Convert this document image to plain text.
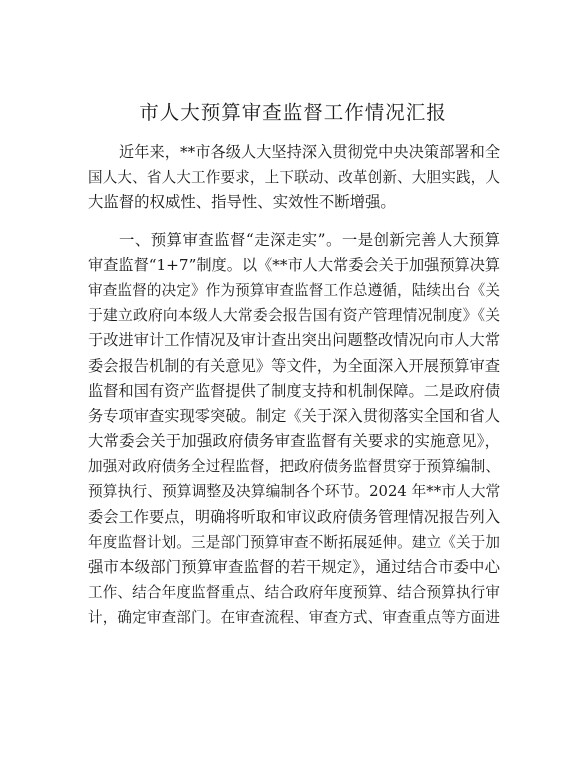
市人大预算审查监督工作情况汇报
近年来，**市各级人大坚持深入贯彻党中央决策部署和全
国人大、省人大工作要求，上下联动、改革创新、大胆实践，人
大监督的权威性、指导性、实效性不断增强。
一、预算审查监督“走深走实”。一是创新完善人大预算
审查监督“1+7”制度。以《**市人大常委会关于加强预算决算
审查监督的决定》作为预算审查监督工作总遵循，陆续出台《关
于建立政府向本级人大常委会报告国有资产管理情况制度》《关
于改进审计工作情况及审计查出突出问题整改情况向市人大常
委会报告机制的有关意见》等文件，为全面深入开展预算审查
监督和国有资产监督提供了制度支持和机制保障。二是政府债
务专项审查实现零突破。制定《关于深入贯彻落实全国和省人
大常委会关于加强政府债务审查监督有关要求的实施意见》，
加强对政府债务全过程监督，把政府债务监督贯穿于预算编制、
预算执行、预算调整及决算编制各个环节。2024 年**市人大常
委会工作要点，明确将听取和审议政府债务管理情况报告列入
年度监督计划。三是部门预算审查不断拓展延伸。建立《关于加
强市本级部门预算审查监督的若干规定》，通过结合市委中心
工作、结合年度监督重点、结合政府年度预算、结合预算执行审
计，确定审查部门。在审查流程、审查方式、审查重点等方面进
